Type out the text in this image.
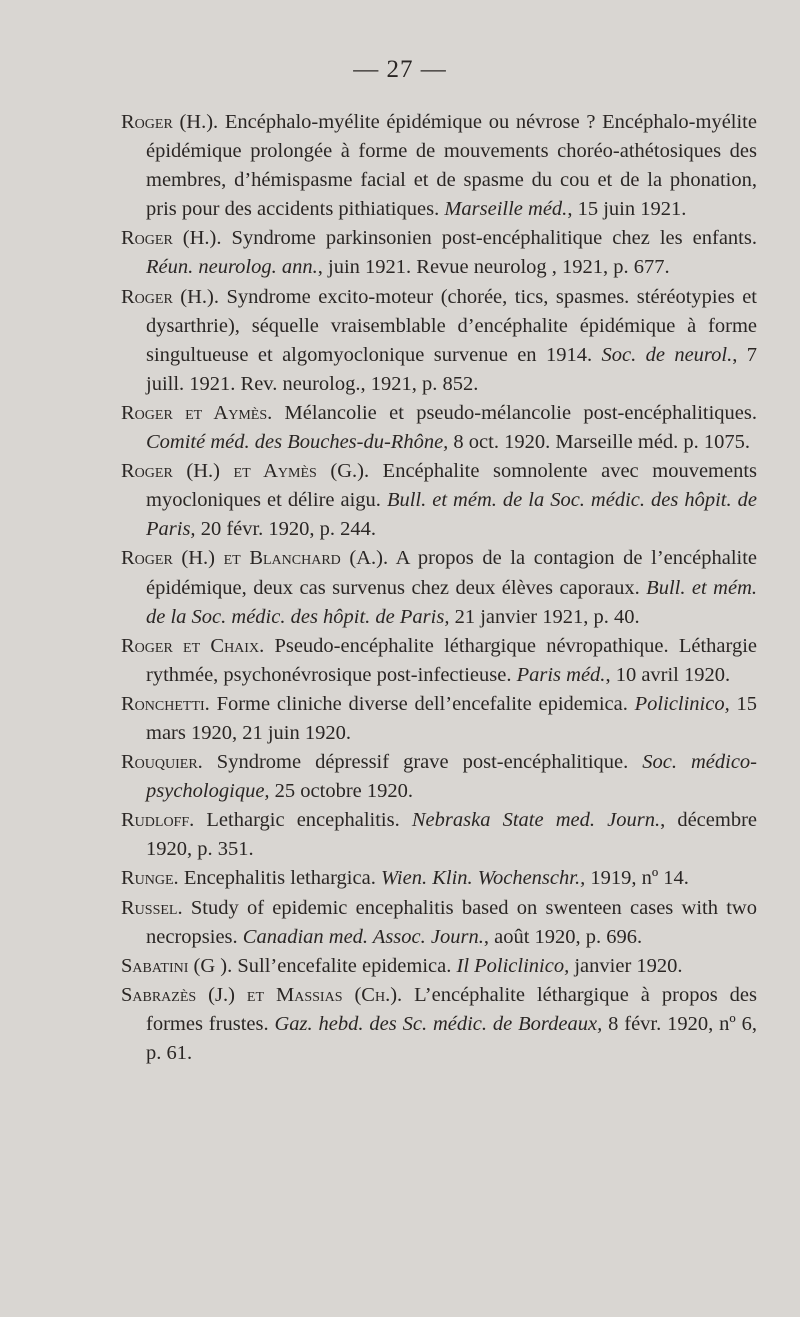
— 27 —

Roger (H.). Encéphalo-myélite épidémique ou névrose ? Encéphalo-myélite épidémique prolongée à forme de mouvements choréo-athétosiques des membres, d’hémispasme facial et de spasme du cou et de la phonation, pris pour des accidents pithiatiques. Marseille méd., 15 juin 1921.

Roger (H.). Syndrome parkinsonien post-encéphalitique chez les enfants. Réun. neurolog. ann., juin 1921. Revue neurolog , 1921, p. 677.

Roger (H.). Syndrome excito-moteur (chorée, tics, spasmes. stéréotypies et dysarthrie), séquelle vraisemblable d’encéphalite épidémique à forme singultueuse et algomyoclonique survenue en 1914. Soc. de neurol., 7 juill. 1921. Rev. neurolog., 1921, p. 852.

Roger et Aymès. Mélancolie et pseudo-mélancolie post-encéphalitiques. Comité méd. des Bouches-du-Rhône, 8 oct. 1920. Marseille méd. p. 1075.

Roger (H.) et Aymès (G.). Encéphalite somnolente avec mouvements myocloniques et délire aigu. Bull. et mém. de la Soc. médic. des hôpit. de Paris, 20 févr. 1920, p. 244.

Roger (H.) et Blanchard (A.). A propos de la contagion de l’encéphalite épidémique, deux cas survenus chez deux élèves caporaux. Bull. et mém. de la Soc. médic. des hôpit. de Paris, 21 janvier 1921, p. 40.

Roger et Chaix. Pseudo-encéphalite léthargique névropathique. Léthargie rythmée, psychonévrosique post-infectieuse. Paris méd., 10 avril 1920.

Ronchetti. Forme cliniche diverse dell’encefalite epidemica. Policlinico, 15 mars 1920, 21 juin 1920.

Rouquier. Syndrome dépressif grave post-encéphalitique. Soc. médico-psychologique, 25 octobre 1920.

Rudloff. Lethargic encephalitis. Nebraska State med. Journ., décembre 1920, p. 351.

Runge. Encephalitis lethargica. Wien. Klin. Wochenschr., 1919, nº 14.

Russel. Study of epidemic encephalitis based on swenteen cases with two necropsies. Canadian med. Assoc. Journ., août 1920, p. 696.

Sabatini (G ). Sull’encefalite epidemica. Il Policlinico, janvier 1920.

Sabrazès (J.) et Massias (Ch.). L’encéphalite léthargique à propos des formes frustes. Gaz. hebd. des Sc. médic. de Bordeaux, 8 févr. 1920, nº 6, p. 61.
